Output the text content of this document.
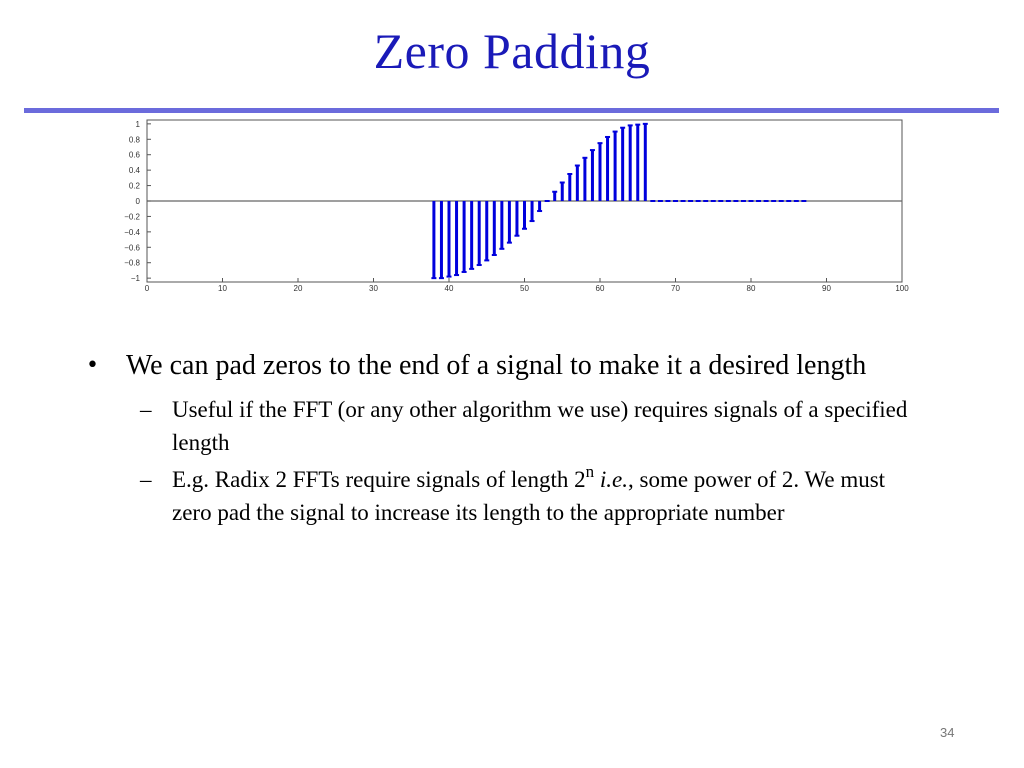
Zero Padding
−1
−0.8
−0.6
−0.4
−0.2
0
0.2
0.4
0.6
0.8
1
0	10	20	30	40	50	60	70	80	90	100
• We can pad zeros to the end of a signal to make it a desired length
– Useful if the FFT (or any other algorithm we use) requires signals of a specified length
– E.g. Radix 2 FFTs require signals of length 2$^n$ i.e., some power of 2. We must zero pad the signal to increase its length to the appropriate number
34
